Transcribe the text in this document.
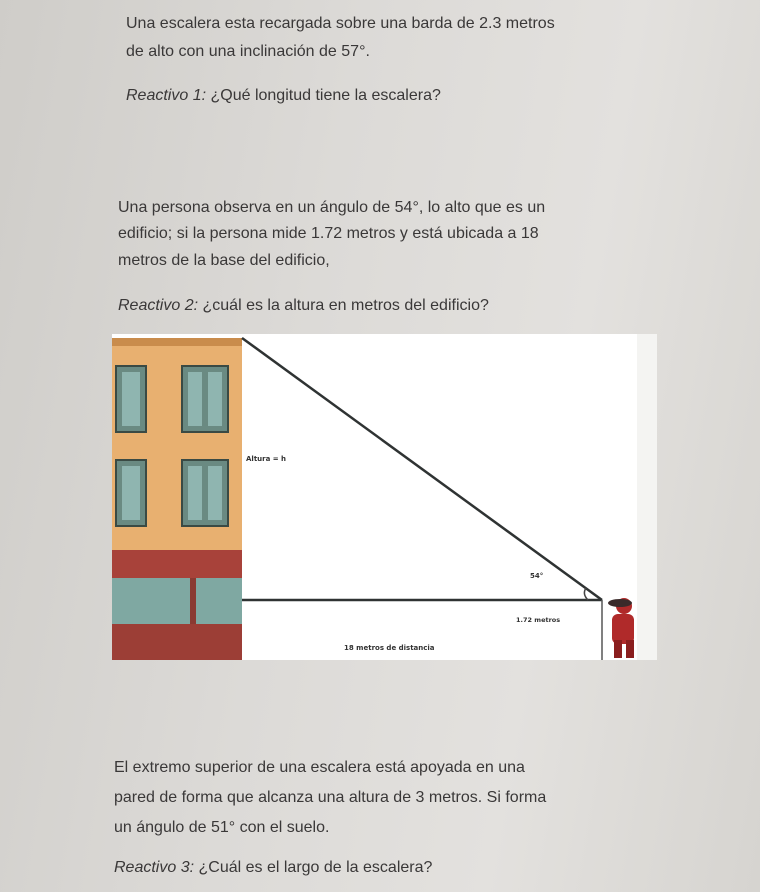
Una escalera esta recargada sobre una barda de 2.3 metros
de alto con una inclinación de 57°.
Reactivo 1: ¿Qué longitud tiene la escalera?
Una persona observa en un ángulo de 54°, lo alto que es un
edificio; si la persona mide 1.72 metros y está ubicada a 18
metros de la base del edificio,
Reactivo 2: ¿cuál es la altura en metros del edificio?
Altura = h
54°
1.72 metros
18 metros de distancia
El extremo superior de una escalera está apoyada en una
pared de forma que alcanza una altura de 3 metros. Si forma
un ángulo de 51° con el suelo.
Reactivo 3: ¿Cuál es el largo de la escalera?
